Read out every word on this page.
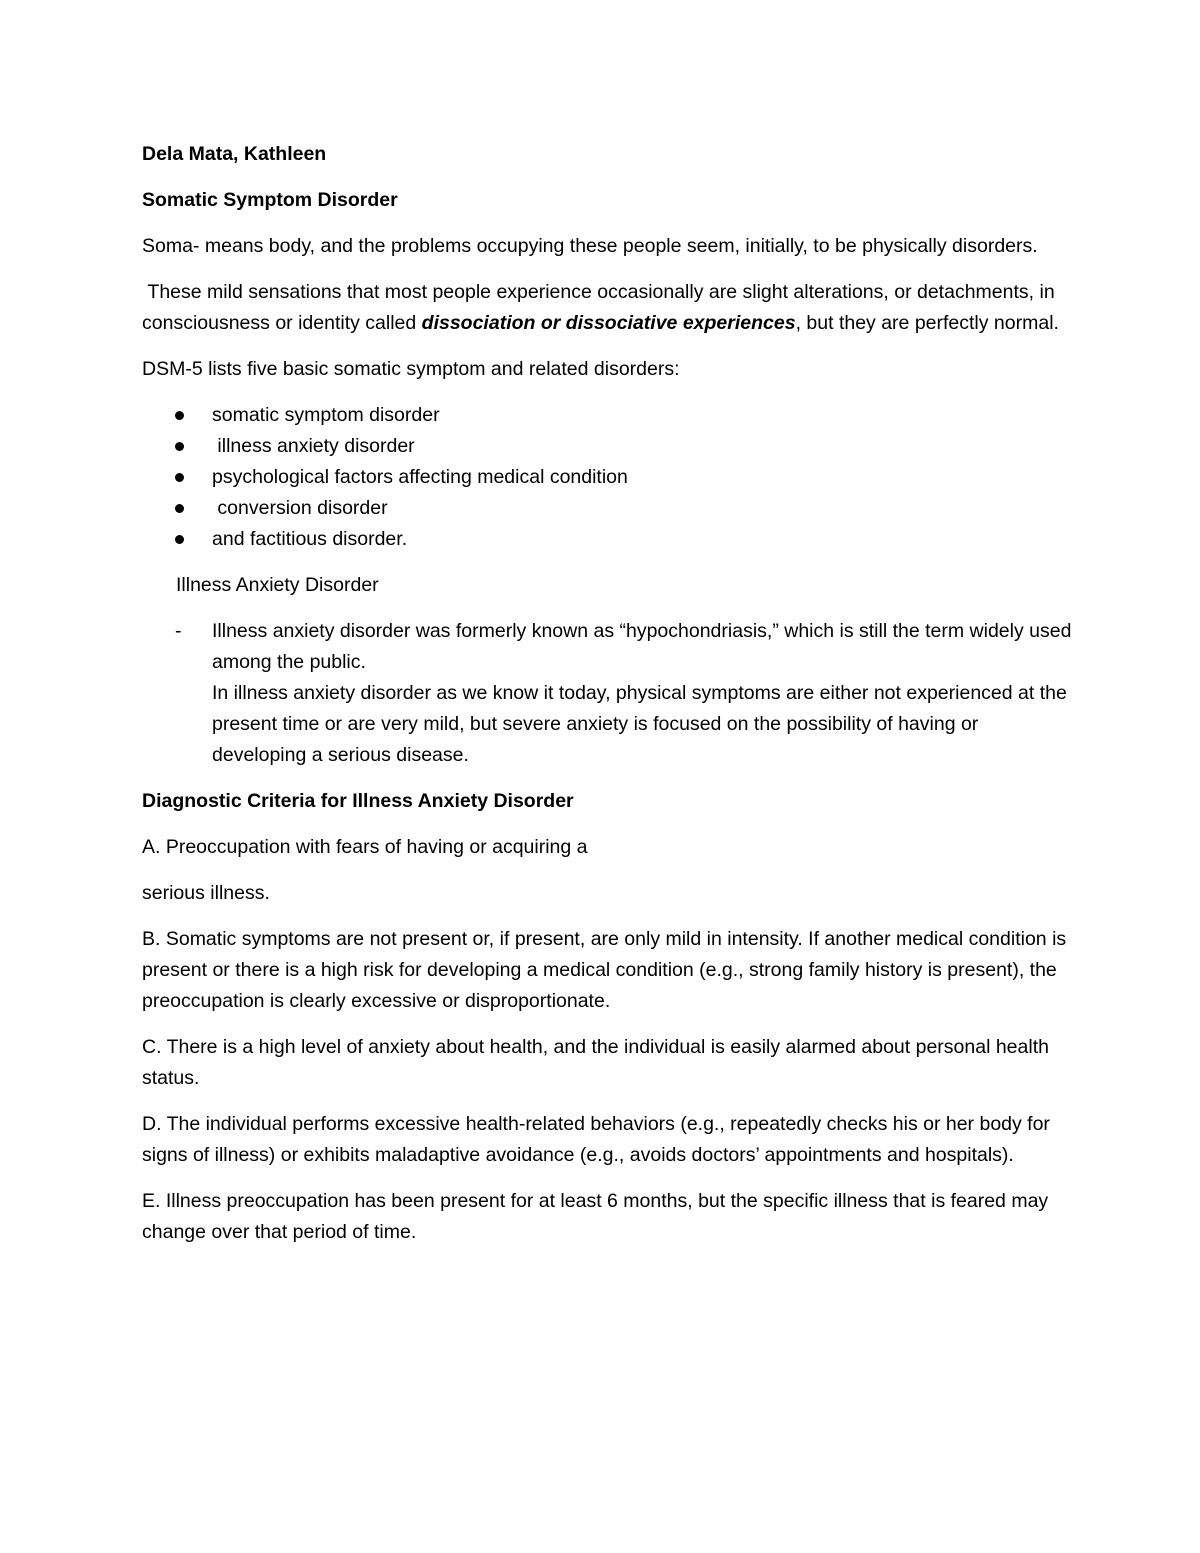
Dela Mata, Kathleen

Somatic Symptom Disorder

Soma- means body, and the problems occupying these people seem, initially, to be physically disorders.

These mild sensations that most people experience occasionally are slight alterations, or detachments, in consciousness or identity called dissociation or dissociative experiences, but they are perfectly normal.

DSM-5 lists five basic somatic symptom and related disorders:

somatic symptom disorder
illness anxiety disorder
psychological factors affecting medical condition
conversion disorder
and factitious disorder.

Illness Anxiety Disorder

- Illness anxiety disorder was formerly known as “hypochondriasis,” which is still the term widely used among the public.
In illness anxiety disorder as we know it today, physical symptoms are either not experienced at the present time or are very mild, but severe anxiety is focused on the possibility of having or developing a serious disease.

Diagnostic Criteria for Illness Anxiety Disorder

A. Preoccupation with fears of having or acquiring a

serious illness.

B. Somatic symptoms are not present or, if present, are only mild in intensity. If another medical condition is present or there is a high risk for developing a medical condition (e.g., strong family history is present), the preoccupation is clearly excessive or disproportionate.

C. There is a high level of anxiety about health, and the individual is easily alarmed about personal health status.

D. The individual performs excessive health-related behaviors (e.g., repeatedly checks his or her body for signs of illness) or exhibits maladaptive avoidance (e.g., avoids doctors’ appointments and hospitals).

E. Illness preoccupation has been present for at least 6 months, but the specific illness that is feared may change over that period of time.
